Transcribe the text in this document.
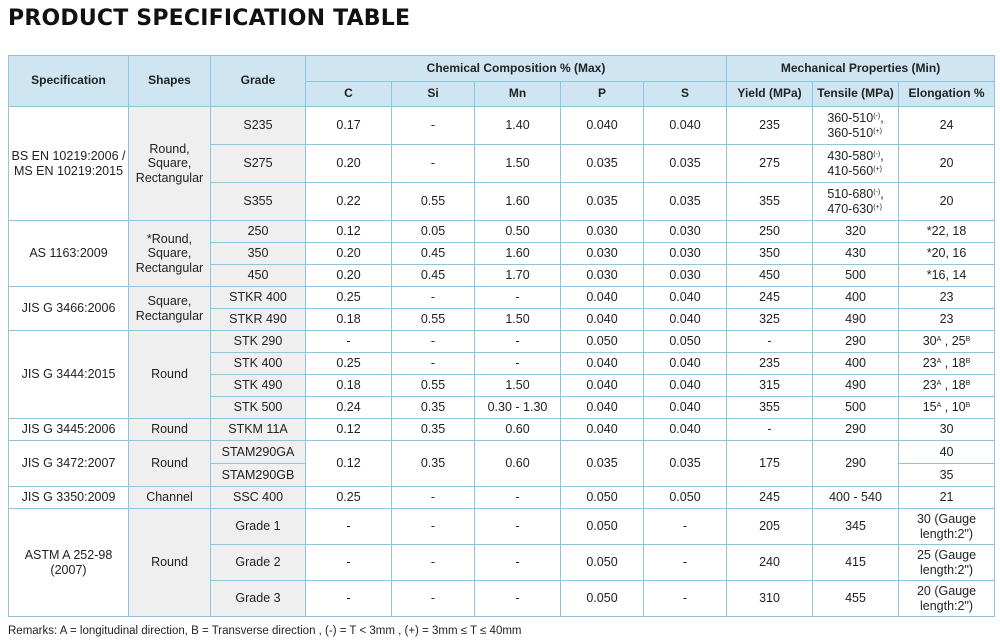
PRODUCT SPECIFICATION TABLE
Specification	Shapes	Grade	Chemical Composition % (Max)					Mechanical Properties (Min)		
			C	Si	Mn	P	S	Yield (MPa)	Tensile (MPa)	Elongation %
BS EN 10219:2006 / MS EN 10219:2015	Round, Square, Rectangular	S235	0.17	-	1.40	0.040	0.040	235	360-510(-),
360-510(+)	24
		S275	0.20	-	1.50	0.035	0.035	275	430-580(-),
410-560(+)	20
		S355	0.22	0.55	1.60	0.035	0.035	355	510-680(-),
470-630(+)	20
AS 1163:2009	*Round, Square, Rectangular	250	0.12	0.05	0.50	0.030	0.030	250	320	*22, 18
		350	0.20	0.45	1.60	0.030	0.030	350	430	*20, 16
		450	0.20	0.45	1.70	0.030	0.030	450	500	*16, 14
JIS G 3466:2006	Square, Rectangular	STKR 400	0.25	-	-	0.040	0.040	245	400	23
		STKR 490	0.18	0.55	1.50	0.040	0.040	325	490	23
JIS G 3444:2015	Round	STK 290	-	-	-	0.050	0.050	-	290	$30^A$ , $25^B$
		STK 400	0.25	-	-	0.040	0.040	235	400	$23^A$ , $18^B$
		STK 490	0.18	0.55	1.50	0.040	0.040	315	490	$23^A$ , $18^B$
		STK 500	0.24	0.35	0.30 - 1.30	0.040	0.040	355	500	$15^A$ , $10^B$
JIS G 3445:2006	Round	STKM 11A	0.12	0.35	0.60	0.040	0.040	-	290	30
JIS G 3472:2007	Round	STAM290GA	0.12	0.35	0.60	0.035	0.035	175	290	40
		STAM290GB								35
JIS G 3350:2009	Channel	SSC 400	0.25	-	-	0.050	0.050	245	400 - 540	21
ASTM A 252-98 (2007)	Round	Grade 1	-	-	-	0.050	-	205	345	30 (Gauge
length:2")
		Grade 2	-	-	-	0.050	-	240	415	25 (Gauge
length:2")
		Grade 3	-	-	-	0.050	-	310	455	20 (Gauge
length:2")
Remarks: A = longitudinal direction, B = Transverse direction , (-) = T < 3mm , (+) = 3mm ≤ T ≤ 40mm
